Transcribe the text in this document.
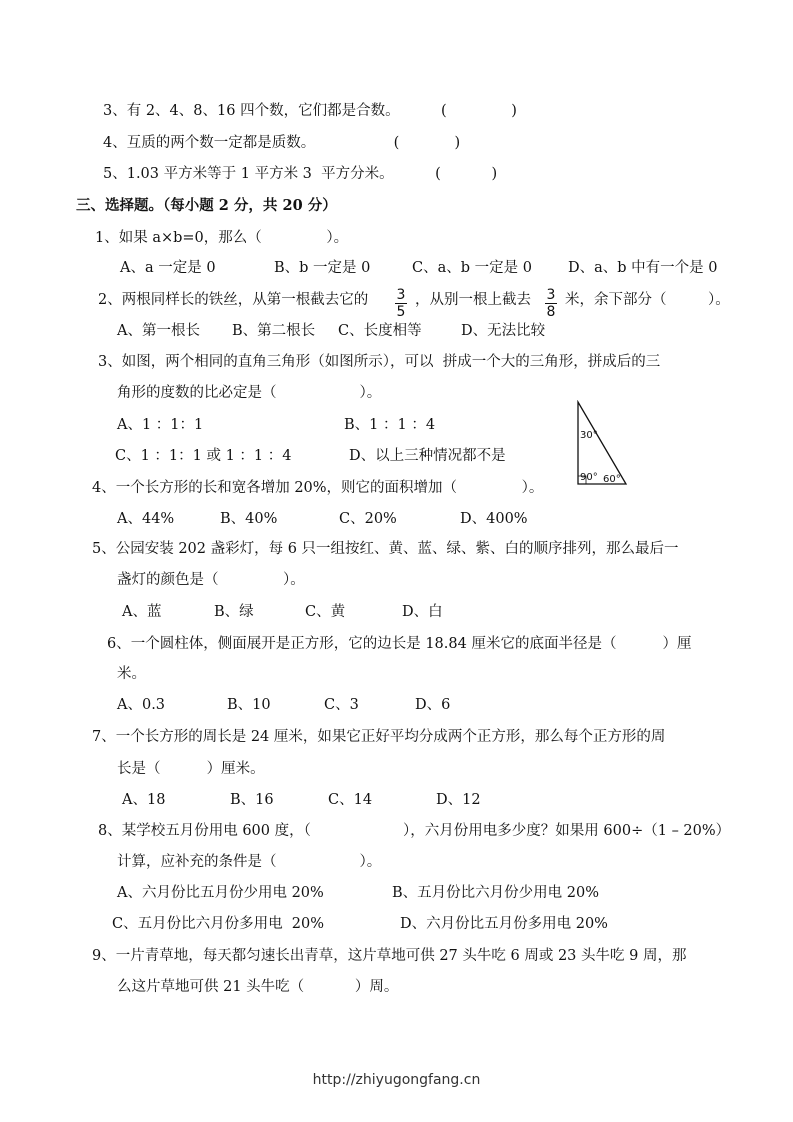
3、有 2、4、8、16 四个数，它们都是合数。         (              )
4、互质的两个数一定都是质数。                 (            )
5、1.03 平方米等于 1 平方米 3  平方分米。         (           )
三、选择题。（每小题 2 分，共 20 分）
1、如果 a×b=0，那么（              ）。
A、a 一定是 0	B、b 一定是 0	C、a、b 一定是 0 D、a、b 中有一个是 0
2、两根同样长的铁丝，从第一根截去它的 3
5
，从别一根上截去 3
8
米，余下部分（         ）。
A、第一根长 B、第二根长 C、长度相等	D、无法比较
3、如图，两个相同的直角三角形（如图所示），可以  拼成一个大的三角形，拼成后的三
角形的度数的比必定是（                  ）。
A、1 ：1：1	B、1 ：1 ：4
C、1 ：1：1 或 1 ：1 ：4	D、以上三种情况都不是
30°
90° 60°
4、一个长方形的长和宽各增加 20%，则它的面积增加（              ）。
A、44%	B、40%	C、20%	D、400%
5、公园安装 202 盏彩灯，每 6 只一组按红、黄、蓝、绿、紫、白的顺序排列，那么最后一
盏灯的颜色是（              ）。
A、蓝	B、绿	C、黄	D、白
6、一个圆柱体，侧面展开是正方形，它的边长是 18.84 厘米它的底面半径是（          ）厘
米。
A、0.3	B、10	C、3	D、6
7、一个长方形的周长是 24 厘米，如果它正好平均分成两个正方形，那么每个正方形的周
长是（          ）厘米。
A、18	B、16	C、14	D、12
8、某学校五月份用电 600 度，（                    ），六月份用电多少度？如果用 600÷（1 – 20%）
计算，应补充的条件是（                  ）。
A、六月份比五月份少用电 20%	B、五月份比六月份少用电 20%
C、五月份比六月份多用电  20%	D、六月份比五月份多用电 20%
9、一片青草地，每天都匀速长出青草，这片草地可供 27 头牛吃 6 周或 23 头牛吃 9 周，那
么这片草地可供 21 头牛吃（           ）周。
http://zhiyugongfang.cn
